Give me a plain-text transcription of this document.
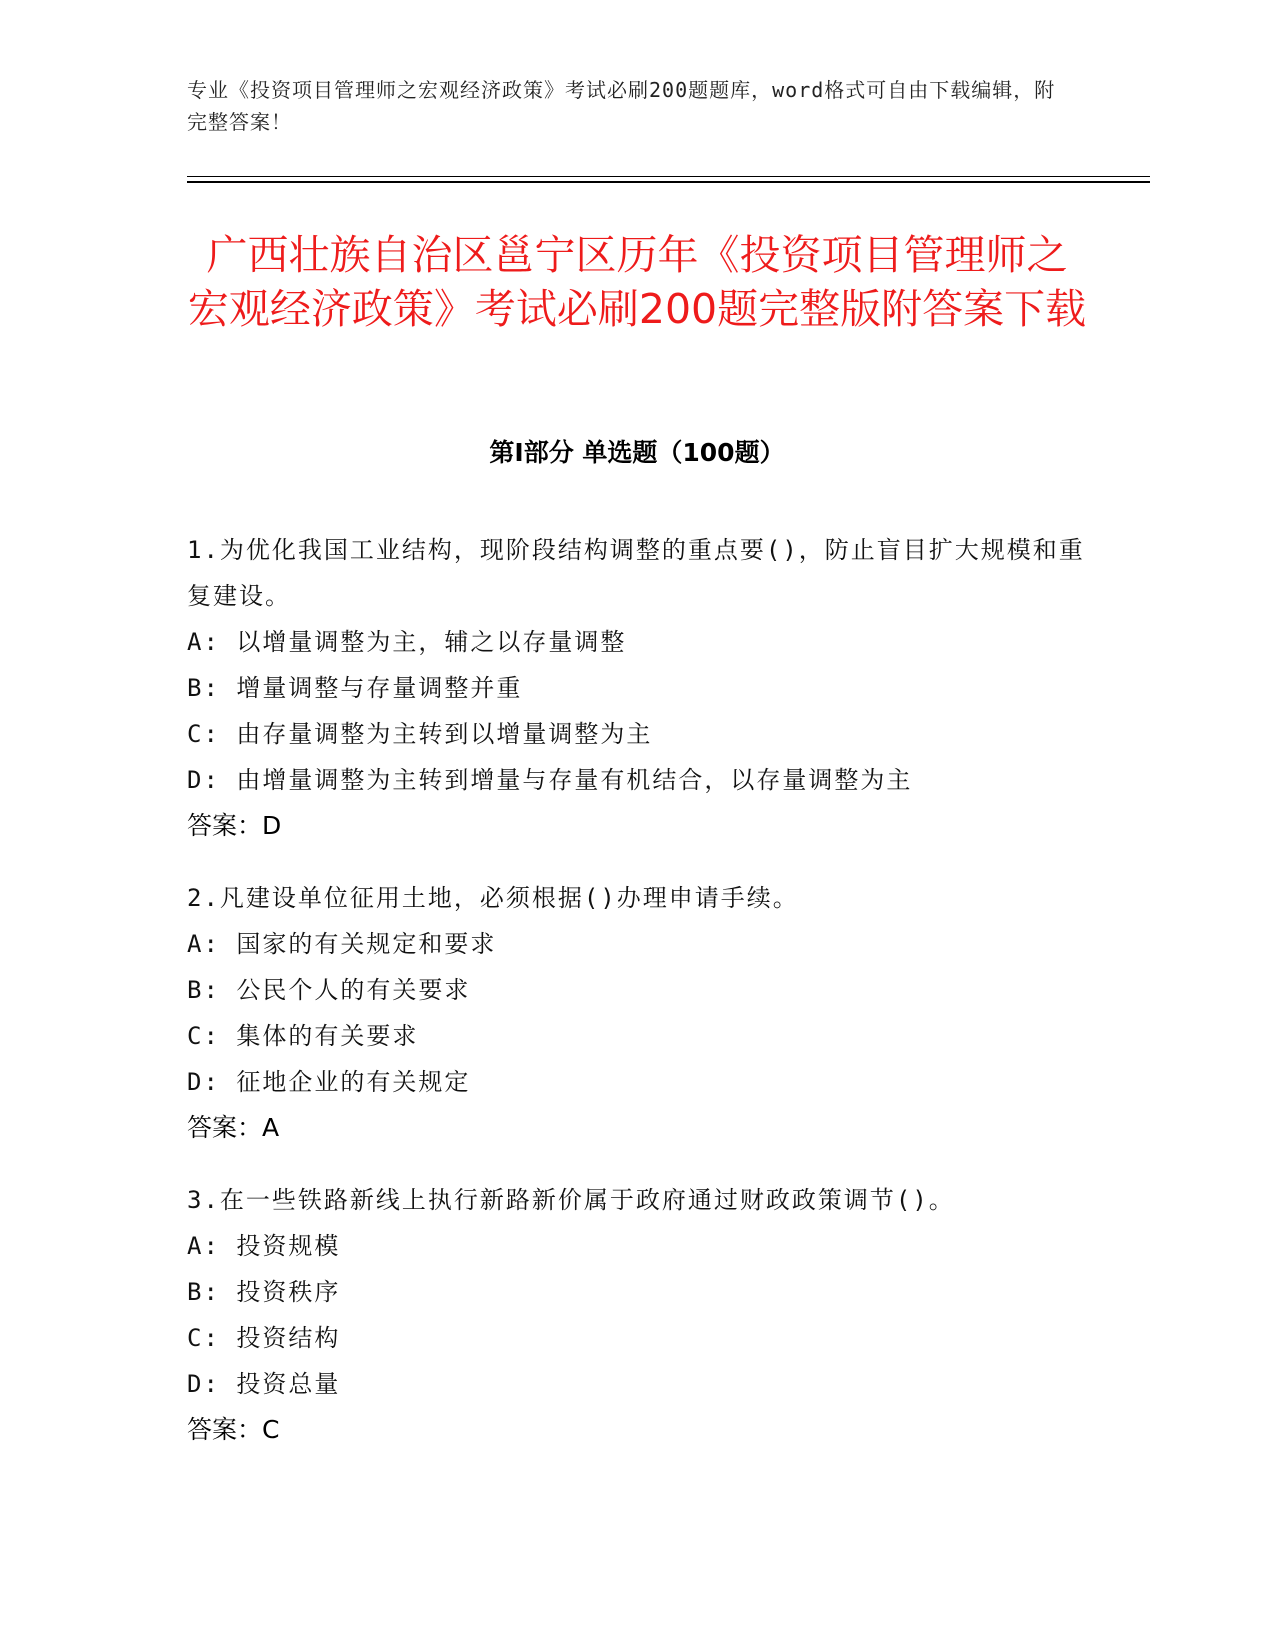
专业《投资项目管理师之宏观经济政策》考试必刷200题题库，word格式可自由下载编辑，附完整答案！
广西壮族自治区邕宁区历年《投资项目管理师之宏观经济政策》考试必刷200题完整版附答案下载
第I部分 单选题（100题）
1.为优化我国工业结构，现阶段结构调整的重点要()，防止盲目扩大规模和重复建设。
A: 以增量调整为主，辅之以存量调整
B: 增量调整与存量调整并重
C: 由存量调整为主转到以增量调整为主
D: 由增量调整为主转到增量与存量有机结合，以存量调整为主
答案：D
2.凡建设单位征用土地，必须根据()办理申请手续。
A: 国家的有关规定和要求
B: 公民个人的有关要求
C: 集体的有关要求
D: 征地企业的有关规定
答案：A
3.在一些铁路新线上执行新路新价属于政府通过财政政策调节()。
A: 投资规模
B: 投资秩序
C: 投资结构
D: 投资总量
答案：C
